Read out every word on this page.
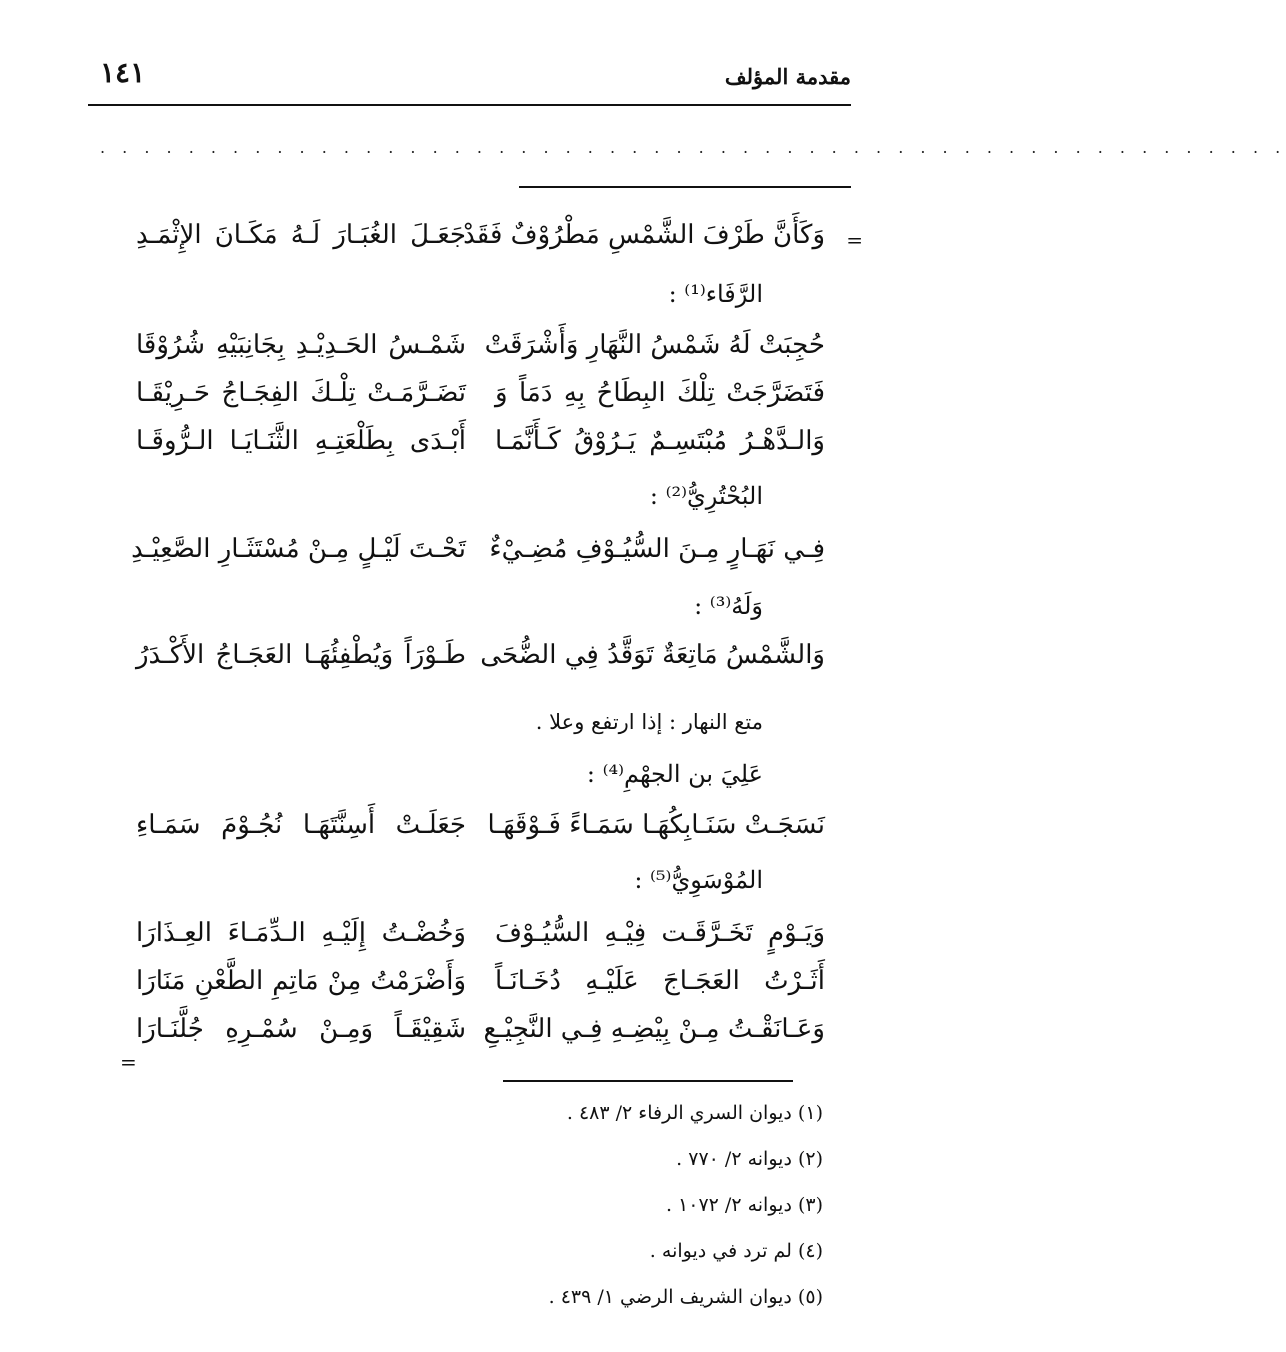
مقدمة المؤلف
١٤١
. . . . . . . . . . . . . . . . . . . . . . . . . . . . . . . . . . . . . . . . . . . . . . . . . . . . . .
=
=
وَكَأَنَّ طَرْفَ الشَّمْسِ مَطْرُوْفٌ فَقَدْ
جَعَـلَ الغُبَـارَ لَـهُ مَكَـانَ الإِثْمَـدِ
الرَّفَاء⁽¹⁾ :
حُجِبَتْ لَهُ شَمْسُ النَّهَارِ وَأَشْرَقَتْ
شَمْـسُ الحَـدِيْـدِ بِجَانِبَيْهِ شُرُوْقَا
فَتَضَرَّجَتْ تِلْكَ البِطَاحُ بِهِ دَمَاً وَ
تَضَـرَّمَـتْ تِلْـكَ الفِجَـاجُ حَـرِيْقَـا
وَالـدَّهْـرُ مُبْتَسِـمٌ يَـرُوْقُ كَـأَنَّمَـا
أَبْـدَى بِطَلْعَتِـهِ الثَّنَـايَـا الـرُّوقَـا
البُحْتُرِيُّ⁽²⁾ :
فِـي نَهَـارٍ مِـنَ السُّيُـوْفِ مُضِـيْءٌ
تَحْـتَ لَيْـلٍ مِـنْ مُسْتَثَـارِ الصَّعِيْـدِ
وَلَهُ⁽³⁾ :
وَالشَّمْسُ مَاتِعَةٌ تَوَقَّدُ فِي الضُّحَى
طَـوْرَاً وَيُطْفِئُهَـا العَجَـاجُ الأَكْـدَرُ
متع النهار : إذا ارتفع وعلا .
عَلِيَ بن الجهْمِ⁽⁴⁾ :
نَسَجَـتْ سَنَـابِكُهَـا سَمَـاءً فَـوْقَهَـا
جَعَلَـتْ أَسِنَّتَهَـا نُجُـوْمَ سَمَـاءِ
المُوْسَوِيُّ⁽⁵⁾ :
وَيَـوْمٍ تَخَـرَّقَـت فِيْـهِ السُّيُـوْفَ
وَخُضْـتُ إِلَيْـهِ الـدِّمَـاءَ العِـذَارَا
أَثَـرْتُ العَجَـاجَ عَلَيْـهِ دُخَـانَـاً
وَأَضْرَمْتُ مِنْ مَاتِمِ الطَّعْنِ مَنَارَا
وَعَـانَقْـتُ مِـنْ بِيْضِـهِ فِـي النَّجِيْـعِ
شَقِيْقَـاً وَمِـنْ سُمْـرِهِ جُلَّنَـارَا
(١) ديوان السري الرفاء ٢/ ٤٨٣ .
(٢) ديوانه ٢/ ٧٧٠ .
(٣) ديوانه ٢/ ١٠٧٢ .
(٤) لم ترد في ديوانه .
(٥) ديوان الشريف الرضي ١/ ٤٣٩ .
